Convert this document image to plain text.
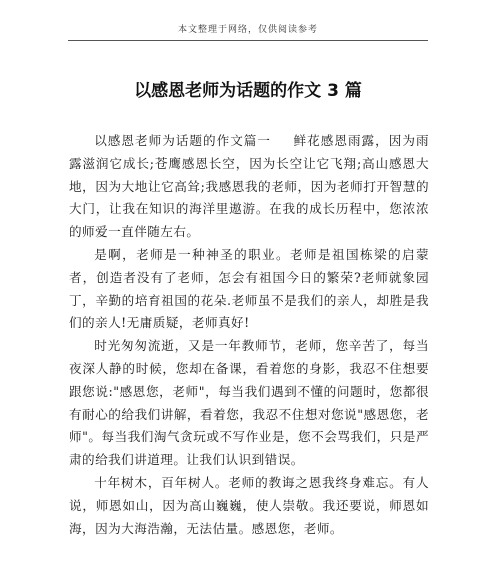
本文整理于网络，仅供阅读参考
以感恩老师为话题的作文 3 篇

以感恩老师为话题的作文篇一 鲜花感恩雨露，因为雨露滋润它成长;苍鹰感恩长空，因为长空让它飞翔;高山感恩大地，因为大地让它高耸;我感恩我的老师，因为老师打开智慧的大门，让我在知识的海洋里遨游。在我的成长历程中，您浓浓的师爱一直伴随左右。

是啊，老师是一种神圣的职业。老师是祖国栋梁的启蒙者，创造者没有了老师，怎会有祖国今日的繁荣?老师就象园丁，辛勤的培育祖国的花朵.老师虽不是我们的亲人，却胜是我们的亲人!无庸质疑，老师真好!

时光匆匆流逝，又是一年教师节，老师，您辛苦了，每当夜深人静的时候，您却在备课，看着您的身影，我忍不住想要跟您说:"感恩您，老师"，每当我们遇到不懂的问题时，您都很有耐心的给我们讲解，看着您，我忍不住想对您说"感恩您，老师"。每当我们淘气贪玩或不写作业是，您不会骂我们，只是严肃的给我们讲道理。让我们认识到错误。

十年树木，百年树人。老师的教诲之恩我终身难忘。有人说，师恩如山，因为高山巍巍，使人崇敬。我还要说，师恩如海，因为大海浩瀚，无法估量。感恩您，老师。
